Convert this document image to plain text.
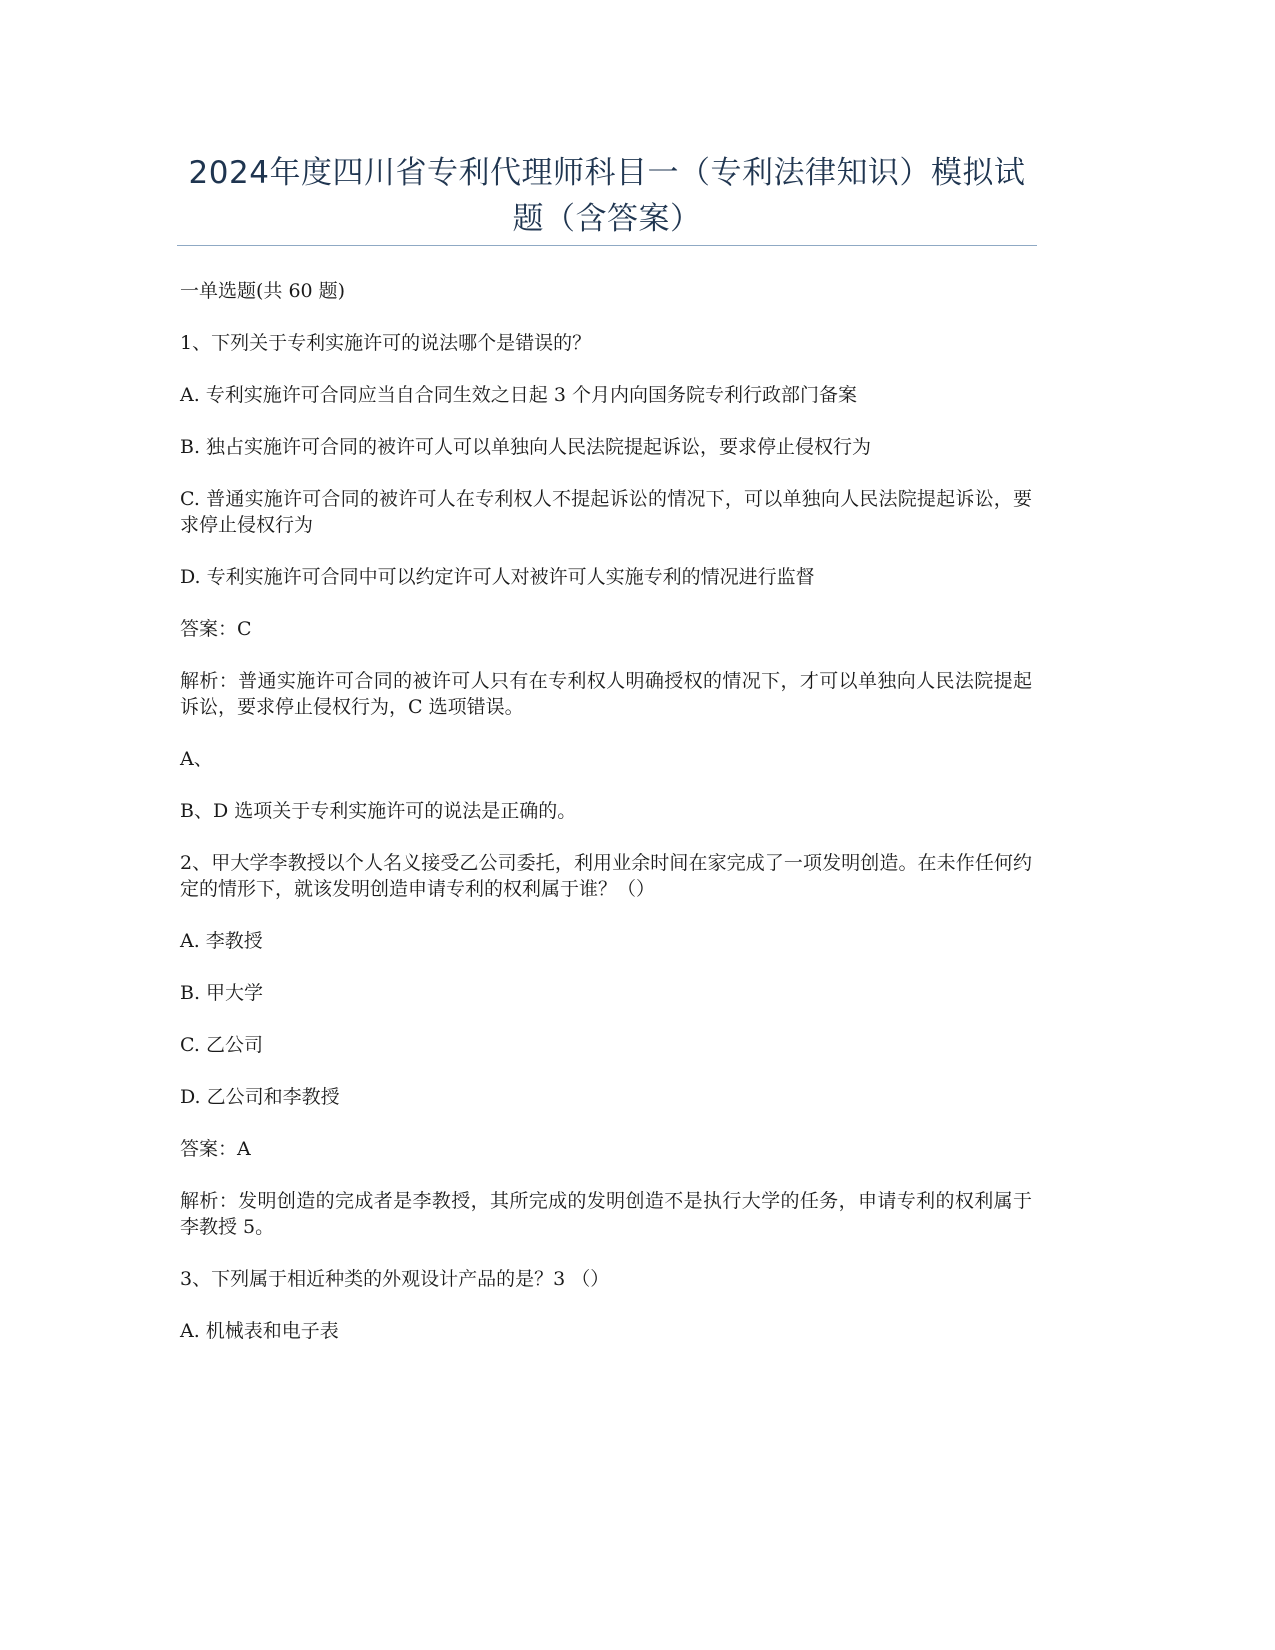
2024年度四川省专利代理师科目一（专利法律知识）模拟试题（含答案）

一单选题(共 60 题)

1、下列关于专利实施许可的说法哪个是错误的？

A. 专利实施许可合同应当自合同生效之日起 3 个月内向国务院专利行政部门备案

B. 独占实施许可合同的被许可人可以单独向人民法院提起诉讼，要求停止侵权行为

C. 普通实施许可合同的被许可人在专利权人不提起诉讼的情况下，可以单独向人民法院提起诉讼，要求停止侵权行为

D. 专利实施许可合同中可以约定许可人对被许可人实施专利的情况进行监督

答案：C

解析：普通实施许可合同的被许可人只有在专利权人明确授权的情况下，才可以单独向人民法院提起诉讼，要求停止侵权行为，C 选项错误。

A、

B、D 选项关于专利实施许可的说法是正确的。

2、甲大学李教授以个人名义接受乙公司委托，利用业余时间在家完成了一项发明创造。在未作任何约定的情形下，就该发明创造申请专利的权利属于谁？（）

A. 李教授

B. 甲大学

C. 乙公司

D. 乙公司和李教授

答案：A

解析：发明创造的完成者是李教授，其所完成的发明创造不是执行大学的任务，申请专利的权利属于李教授 5。

3、下列属于相近种类的外观设计产品的是？3 （）

A. 机械表和电子表
